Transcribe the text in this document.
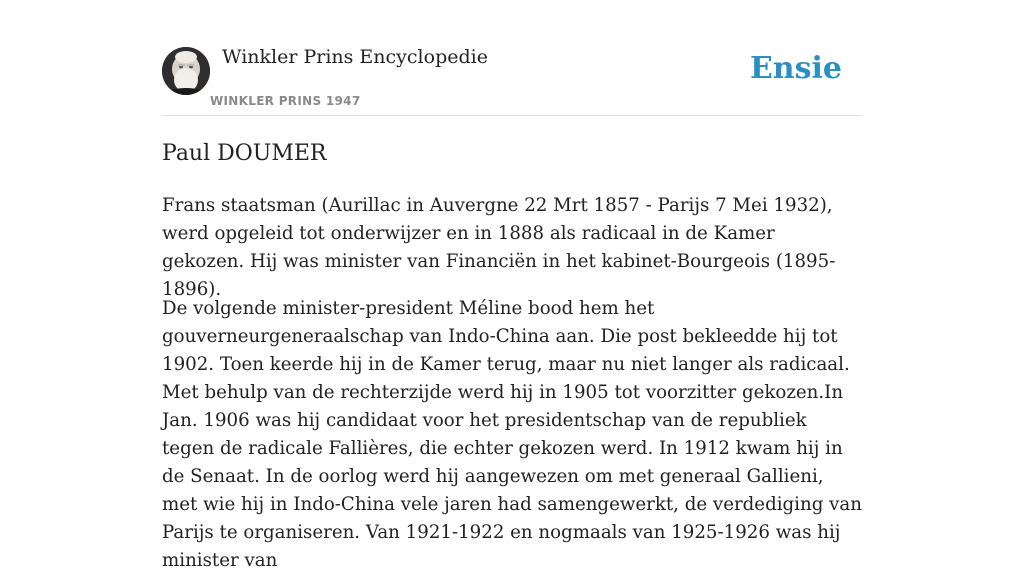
Winkler Prins Encyclopedie
WINKLER PRINS 1947
Ensie
Paul DOUMER

Frans staatsman (Aurillac in Auvergne 22 Mrt 1857 - Parijs 7 Mei 1932), werd opgeleid tot onderwijzer en in 1888 als radicaal in de Kamer gekozen. Hij was minister van Financiën in het kabinet-Bourgeois (1895-1896).

De volgende minister-president Méline bood hem het gouverneurgeneraalschap van Indo-China aan. Die post bekleedde hij tot 1902. Toen keerde hij in de Kamer terug, maar nu niet langer als radicaal. Met behulp van de rechterzijde werd hij in 1905 tot voorzitter gekozen.In Jan. 1906 was hij candidaat voor het presidentschap van de republiek tegen de radicale Fallières, die echter gekozen werd. In 1912 kwam hij in de Senaat. In de oorlog werd hij aangewezen om met generaal Gallieni, met wie hij in Indo-China vele jaren had samengewerkt, de verdediging van Parijs te organiseren. Van 1921-1922 en nogmaals van 1925-1926 was hij minister van
